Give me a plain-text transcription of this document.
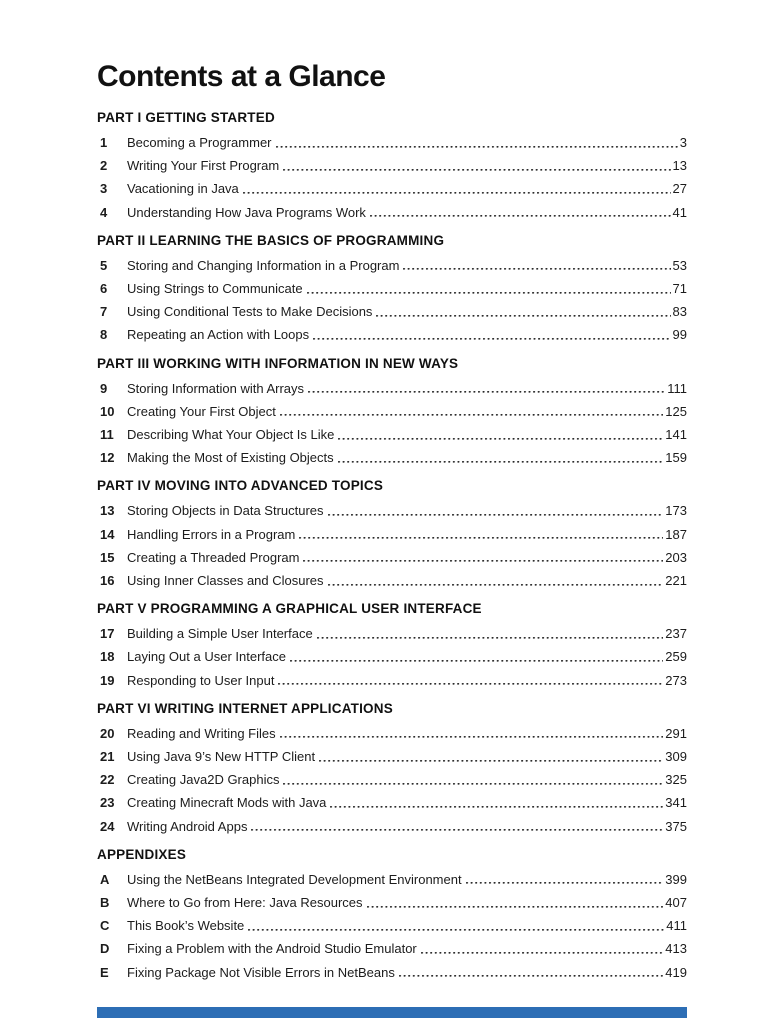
Contents at a Glance
PART I GETTING STARTED
1	Becoming a Programmer	3
2	Writing Your First Program	13
3	Vacationing in Java	27
4	Understanding How Java Programs Work	41
PART II LEARNING THE BASICS OF PROGRAMMING
5	Storing and Changing Information in a Program	53
6	Using Strings to Communicate	71
7	Using Conditional Tests to Make Decisions	83
8	Repeating an Action with Loops	99
PART III WORKING WITH INFORMATION IN NEW WAYS
9	Storing Information with Arrays	111
10 Creating Your First Object	125
11	Describing What Your Object Is Like	141
12 Making the Most of Existing Objects	159
PART IV MOVING INTO ADVANCED TOPICS
13 Storing Objects in Data Structures	173
14 Handling Errors in a Program	187
15 Creating a Threaded Program	203
16 Using Inner Classes and Closures	221
PART V PROGRAMMING A GRAPHICAL USER INTERFACE
17 Building a Simple User Interface	237
18 Laying Out a User Interface	259
19 Responding to User Input	273
PART VI WRITING INTERNET APPLICATIONS
20 Reading and Writing Files	291
21 Using Java 9’s New HTTP Client	309
22 Creating Java2D Graphics	325
23 Creating Minecraft Mods with Java	341
24 Writing Android Apps	375
APPENDIXES
A	Using the NetBeans Integrated Development Environment	399
B	Where to Go from Here: Java Resources	407
C	This Book’s Website	411
D	Fixing a Problem with the Android Studio Emulator	413
E	Fixing Package Not Visible Errors in NetBeans	419
